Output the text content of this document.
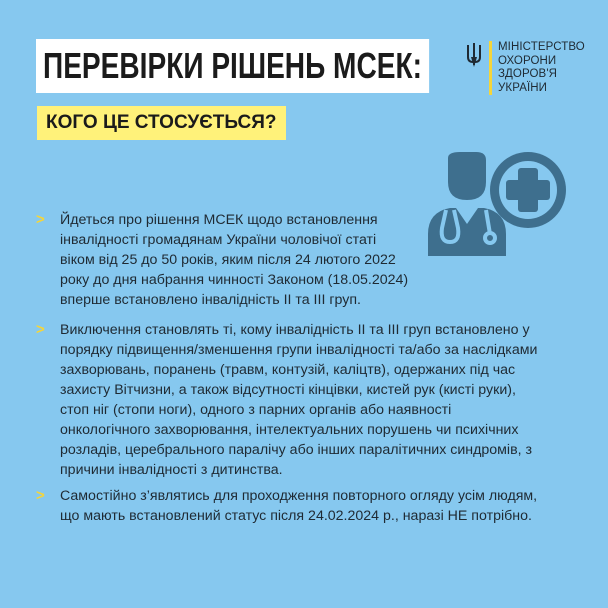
ПЕРЕВІРКИ РІШЕНЬ МСЕК:
КОГО ЦЕ СТОСУЄТЬСЯ?
МІНІСТЕРСТВО
ОХОРОНИ
ЗДОРОВ'Я
УКРАЇНИ
> Йдеться про рішення МСЕК щодо встановлення
інвалідності громадянам України чоловічої статі
віком від 25 до 50 років, яким після 24 лютого 2022
року до дня набрання чинності Законом (18.05.2024)
вперше встановлено інвалідність ІІ та ІІІ груп.
> Виключення становлять ті, кому інвалідність ІІ та ІІІ груп встановлено у
порядку підвищення/зменшення групи інвалідності та/або за наслідками
захворювань, поранень (травм, контузій, каліцтв), одержаних під час
захисту Вітчизни, а також відсутності кінцівки, кистей рук (кисті руки),
стоп ніг (стопи ноги), одного з парних органів або наявності
онкологічного захворювання, інтелектуальних порушень чи психічних
розладів, церебрального паралічу або інших паралітичних синдромів, з
причини інвалідності з дитинства.
> Самостійно з’являтись для проходження повторного огляду усім людям,
що мають встановлений статус після 24.02.2024 р., наразі НЕ потрібно.
